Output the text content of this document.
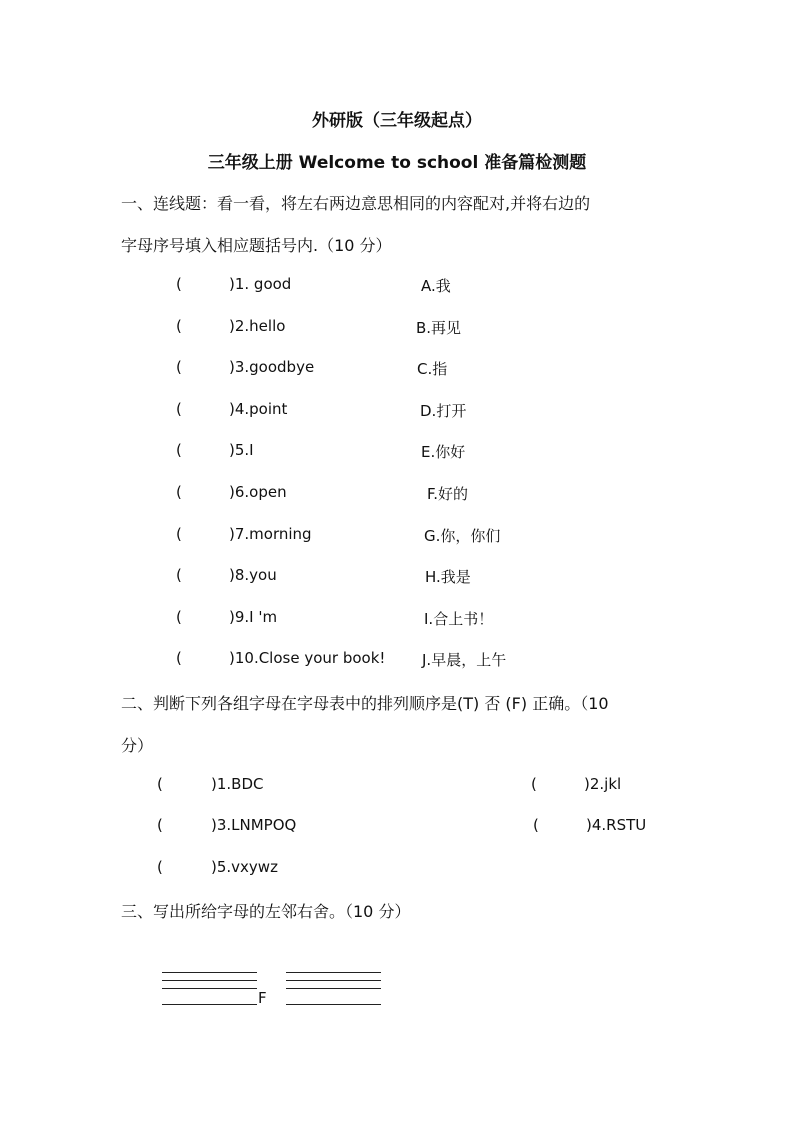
外研版（三年级起点）
三年级上册 Welcome to school 准备篇检测题
一、连线题：看一看，将左右两边意思相同的内容配对,并将右边的
字母序号填入相应题括号内.（10 分）
(	)1. good	A.我
(	)2.hello	B.再见
(	)3.goodbye	C.指
(	)4.point	D.打开
(	)5.I	E.你好
(	)6.open	F.好的
(	)7.morning	G.你，你们
(	)8.you	H.我是
(	)9.I 'm	I.合上书！
(	)10.Close your book! J.早晨，上午
二、判断下列各组字母在字母表中的排列顺序是(T) 否 (F) 正确。（10
分）
(	)1.BDC	(	)2.jkl
(	)3.LNMPOQ	(	)4.RSTU
(	)5.vxywz
三、写出所给字母的左邻右舍。（10 分）
F
